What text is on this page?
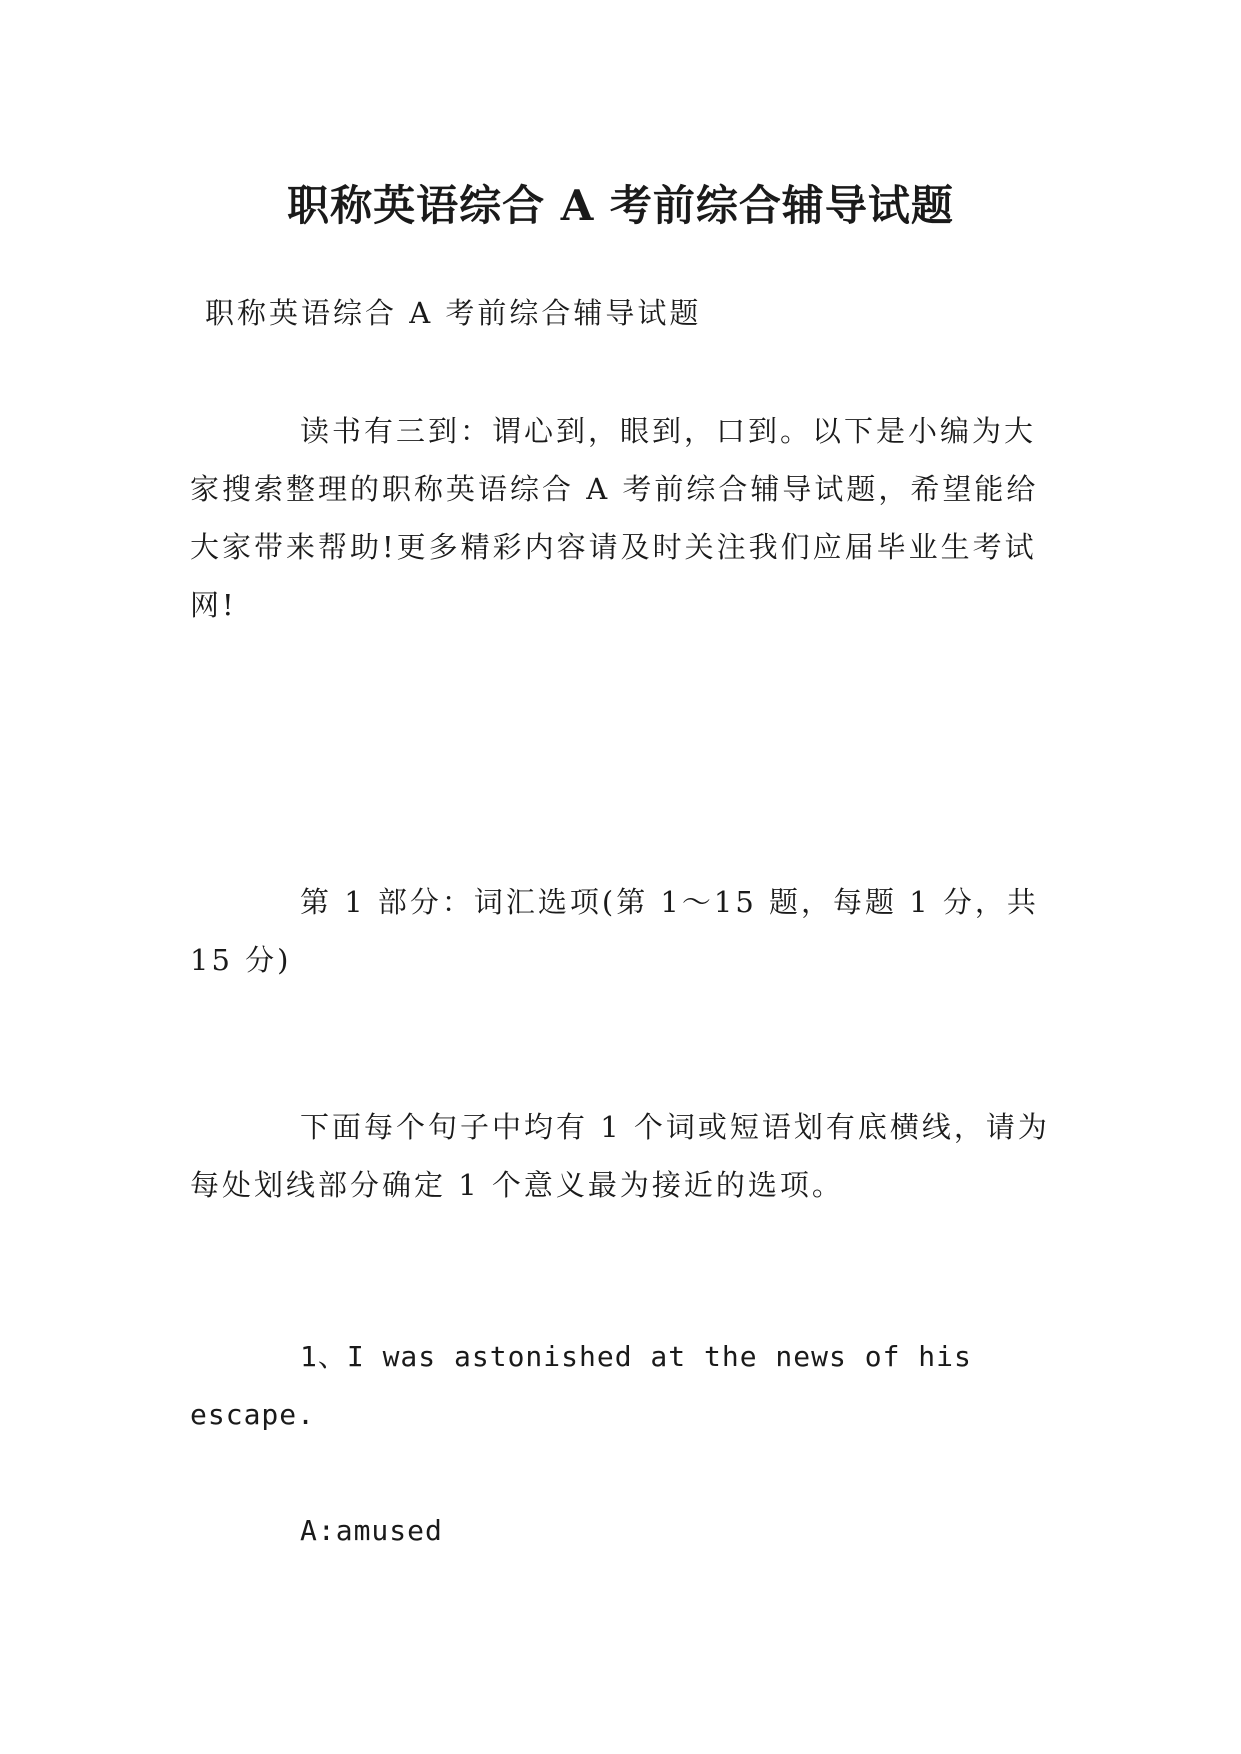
职称英语综合 A 考前综合辅导试题

职称英语综合 A 考前综合辅导试题

读书有三到：谓心到，眼到，口到。以下是小编为大家搜索整理的职称英语综合 A 考前综合辅导试题，希望能给大家带来帮助!更多精彩内容请及时关注我们应届毕业生考试网!

第 1 部分：词汇选项(第 1～15 题，每题 1 分，共 15 分)

下面每个句子中均有 1 个词或短语划有底横线，请为每处划线部分确定 1 个意义最为接近的选项。

1、I was astonished at the news of his escape.

A:amused
